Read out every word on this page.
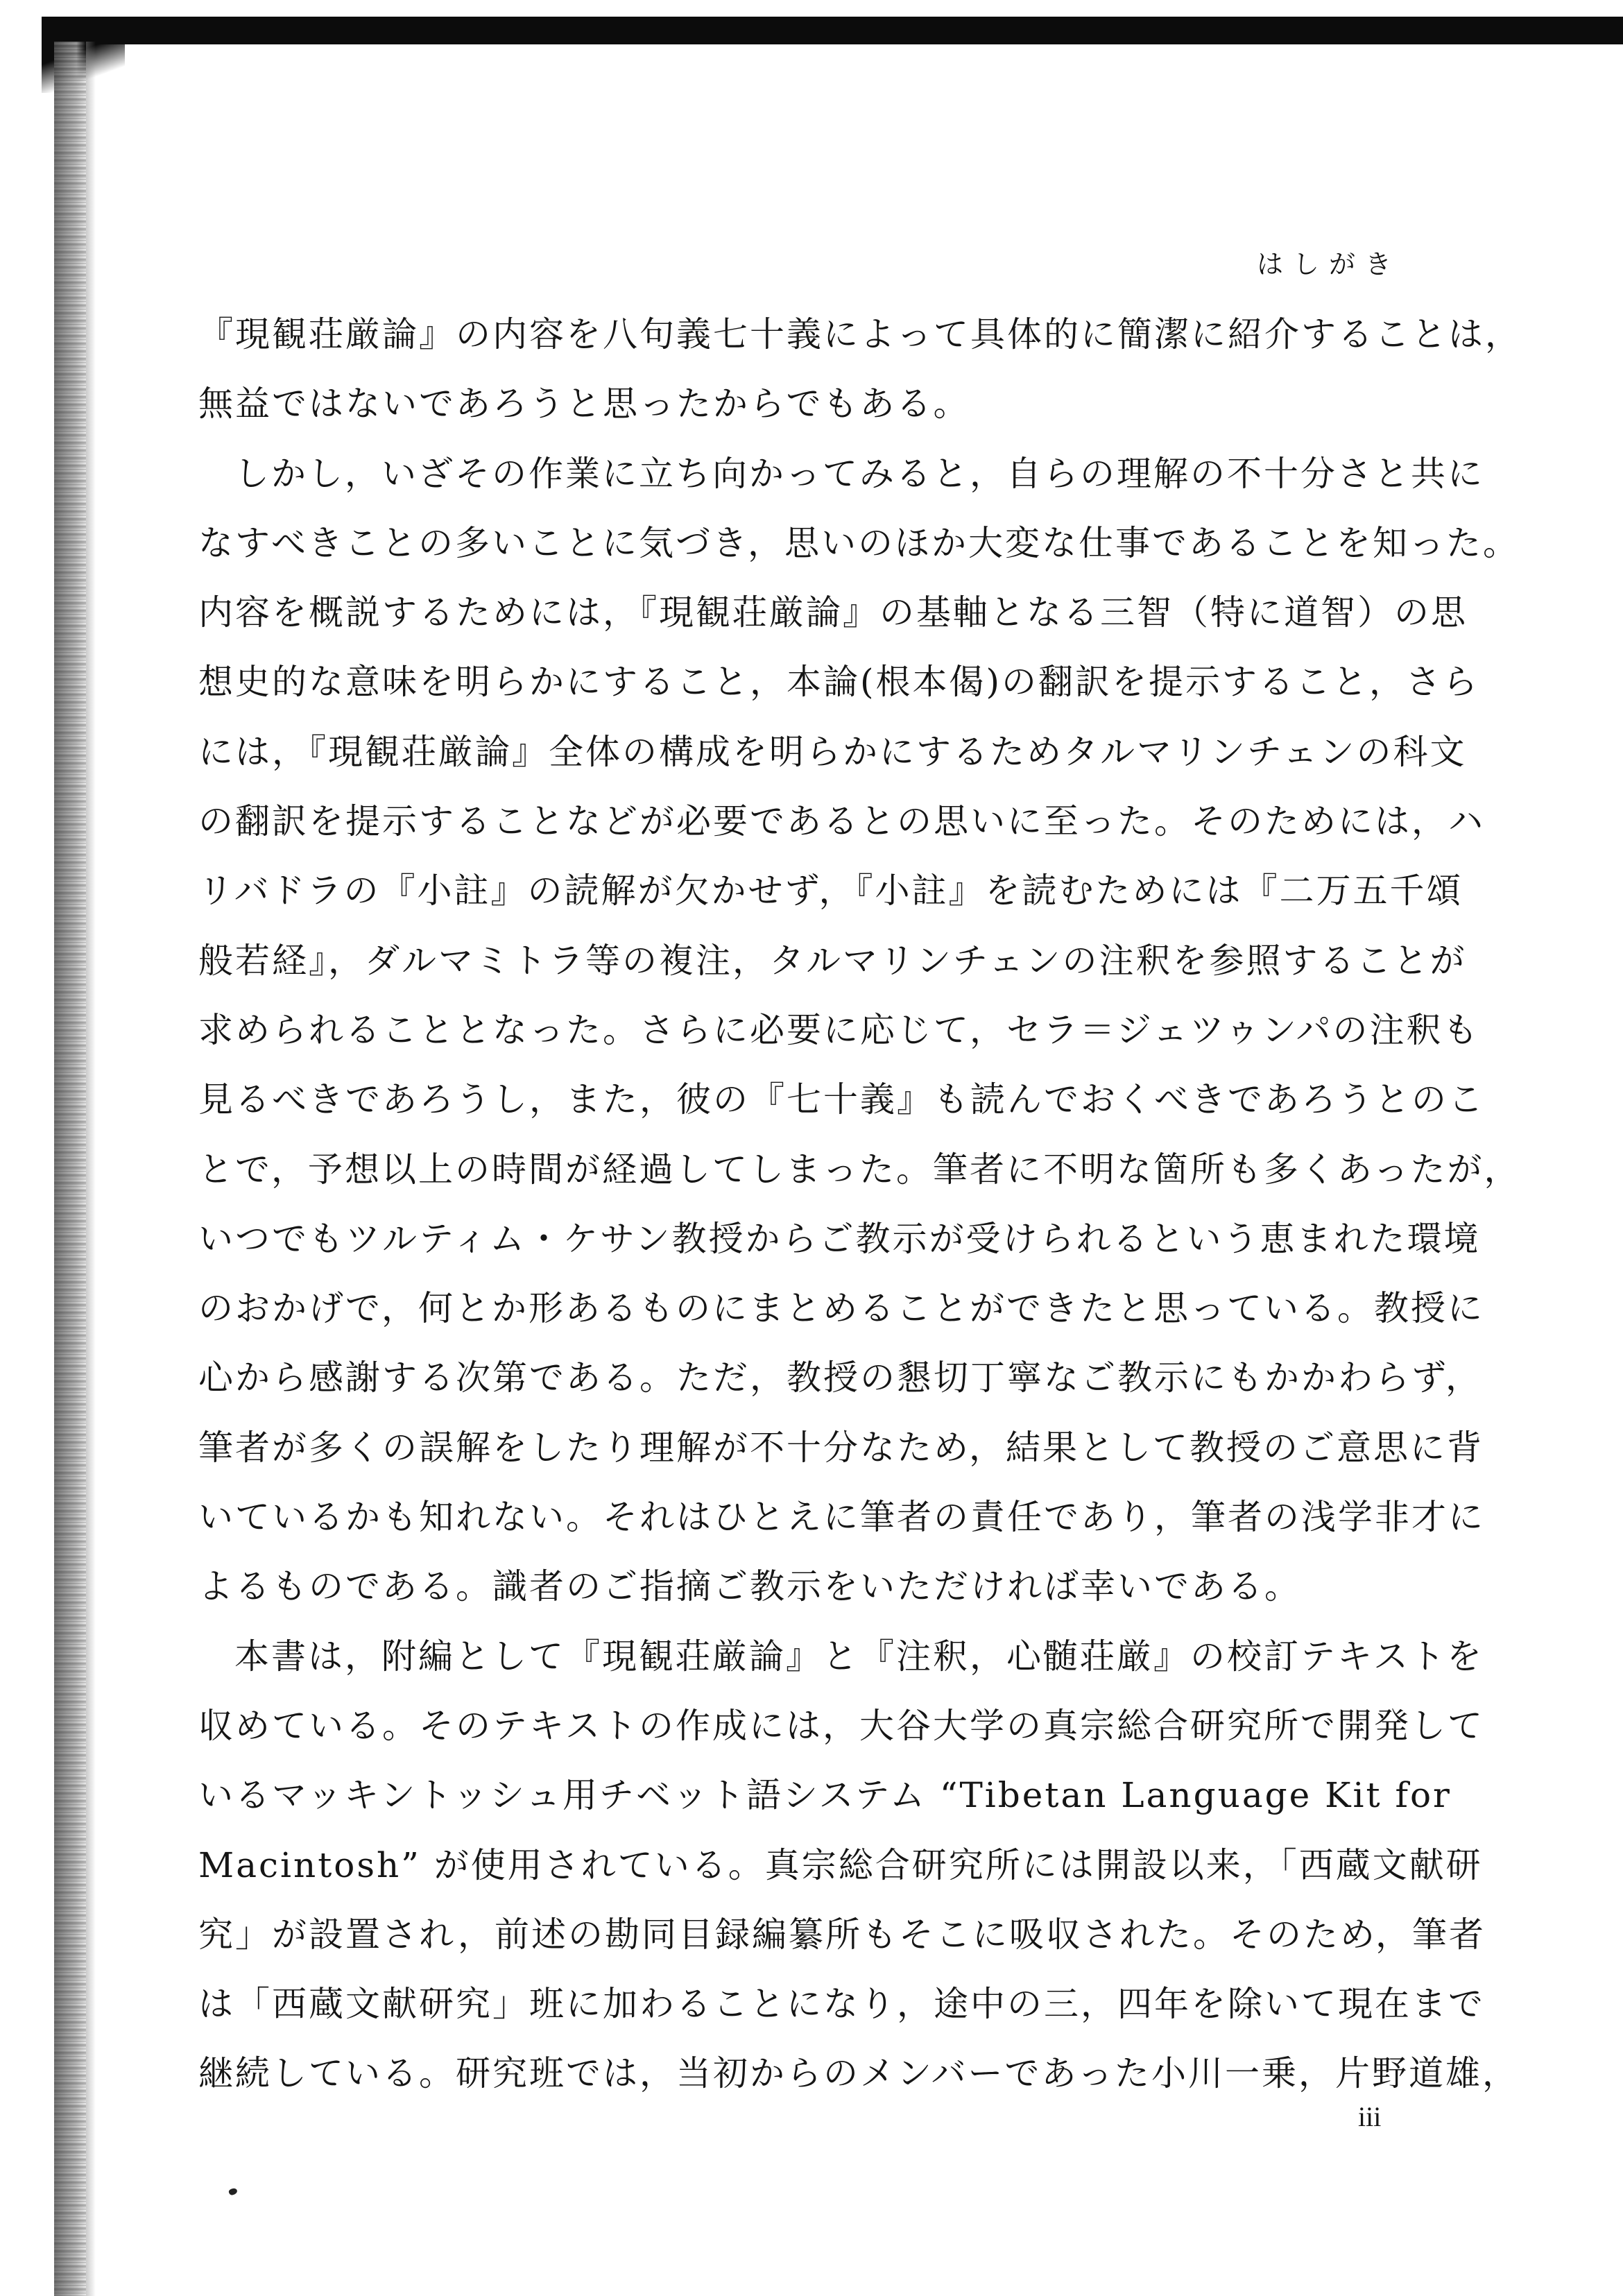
はしがき

『現観荘厳論』の内容を八句義七十義によって具体的に簡潔に紹介することは，

無益ではないであろうと思ったからでもある。

しかし，いざその作業に立ち向かってみると，自らの理解の不十分さと共に

なすべきことの多いことに気づき，思いのほか大変な仕事であることを知った。

内容を概説するためには，『現観荘厳論』の基軸となる三智（特に道智）の思

想史的な意味を明らかにすること，本論(根本偈)の翻訳を提示すること，さら

には，『現観荘厳論』全体の構成を明らかにするためタルマリンチェンの科文

の翻訳を提示することなどが必要であるとの思いに至った。そのためには，ハ

リバドラの『小註』の読解が欠かせず，『小註』を読むためには『二万五千頌

般若経』，ダルマミトラ等の複注，タルマリンチェンの注釈を参照することが

求められることとなった。さらに必要に応じて，セラ＝ジェツゥンパの注釈も

見るべきであろうし，また，彼の『七十義』も読んでおくべきであろうとのこ

とで，予想以上の時間が経過してしまった。筆者に不明な箇所も多くあったが，

いつでもツルティム・ケサン教授からご教示が受けられるという恵まれた環境

のおかげで，何とか形あるものにまとめることができたと思っている。教授に

心から感謝する次第である。ただ，教授の懇切丁寧なご教示にもかかわらず，

筆者が多くの誤解をしたり理解が不十分なため，結果として教授のご意思に背

いているかも知れない。それはひとえに筆者の責任であり，筆者の浅学非才に

よるものである。識者のご指摘ご教示をいただければ幸いである。

本書は，附編として『現観荘厳論』と『注釈，心髄荘厳』の校訂テキストを

収めている。そのテキストの作成には，大谷大学の真宗総合研究所で開発して

いるマッキントッシュ用チベット語システム “Tibetan Language Kit for

Macintosh” が使用されている。真宗総合研究所には開設以来，「西蔵文献研

究」が設置され，前述の勘同目録編纂所もそこに吸収された。そのため，筆者

は「西蔵文献研究」班に加わることになり，途中の三，四年を除いて現在まで

継続している。研究班では，当初からのメンバーであった小川一乗，片野道雄，

iii
